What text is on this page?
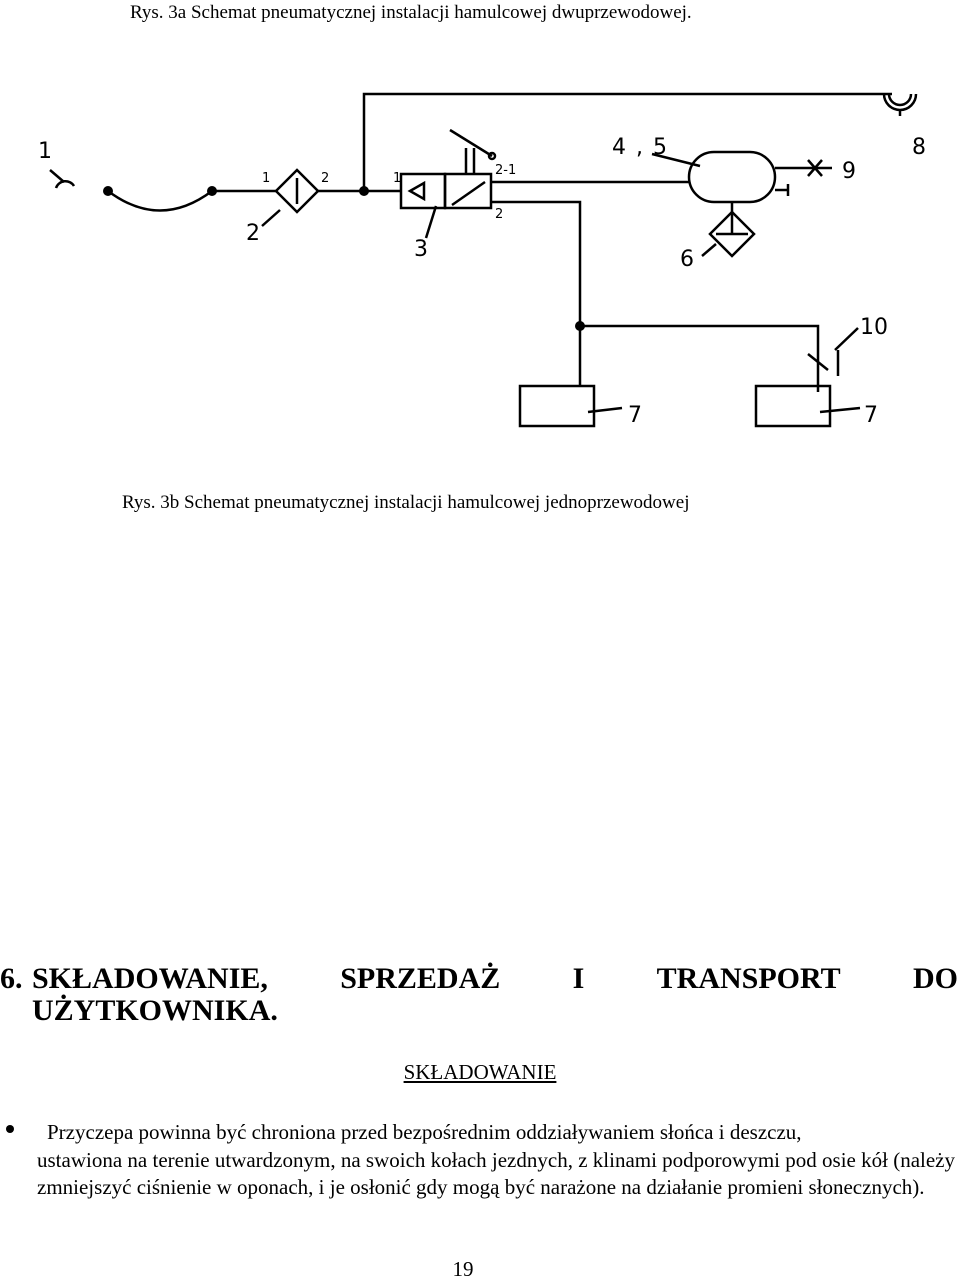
Rys. 3a Schemat pneumatycznej instalacji hamulcowej dwuprzewodowej.
1
2
3
4,5
6
7	7
8
9
10
1	2	1
2-1
2
Rys. 3b Schemat pneumatycznej instalacji hamulcowej jednoprzewodowej
6. SKŁADOWANIE, SPRZEDAŻ I TRANSPORT DO
UŻYTKOWNIKA.
SKŁADOWANIE
Przyczepa powinna być chroniona przed bezpośrednim oddziaływaniem słońca i deszczu,
ustawiona na terenie utwardzonym, na swoich kołach jezdnych, z klinami podporowymi pod osie kół (należy zmniejszyć ciśnienie w oponach, i je osłonić gdy mogą być narażone na działanie promieni słonecznych).
19
